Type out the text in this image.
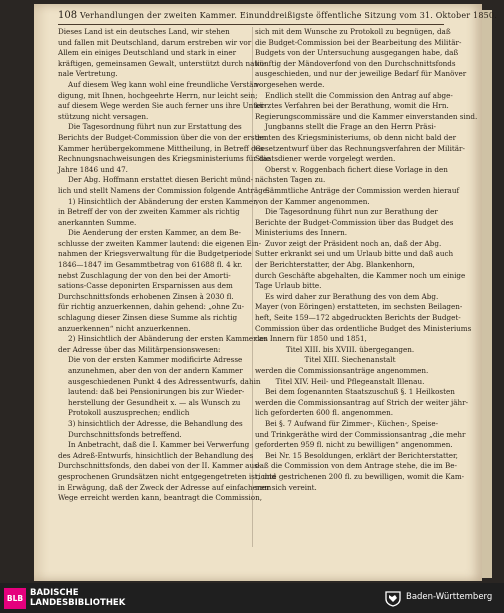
108 Verhandlungen der zweiten Kammer. Einunddreißigste öffentliche Sitzung vom 31. Oktober 1850.
Dieses Land ist ein deutsches Land, wir stehen
und fallen mit Deutschland, darum erstreben wir vor
Allem ein einiges Deutschland und stark in einer
kräftigen, gemeinsamen Gewalt, unterstützt durch natio-
nale Vertretung.
Auf diesem Weg kann wohl eine freundliche Verstän-
digung, mit Ihnen, hochgeehrte Herrn, nur leicht sein;
auf diesem Wege werden Sie auch ferner uns ihre Unter-
stützung nicht versagen.
Die Tagesordnung führt nun zur Erstattung des
Berichts der Budget-Commission über die von der ersten
Kammer herübergekommene Mittheilung, in Betreff des
Rechnungsnachweisungen des Kriegsministeriums für die
Jahre 1846 und 47.
Der Abg. Hoffmann erstattet diesen Bericht münd-
lich und stellt Namens der Commission folgende Anträge:
1) Hinsichtlich der Abänderung der ersten Kammer,
in Betreff der von der zweiten Kammer als richtig
anerkannten Summe.
Die Aenderung der ersten Kammer, an dem Be-
schlusse der zweiten Kammer lautend: die eigenen Ein-
nahmen der Kriegsverwaltung für die Budgetperiode
1846—1847 im Gesammtbetrag von 61688 fl. 4 kr.
nebst Zuschlagung der von den bei der Amorti-
sations-Casse deponirten Ersparnissen aus dem
Durchschnittsfonds erhobenen Zinsen à 2030 fl.
für richtig anzuerkennen, dahin gehend: „ohne Zu-
schlagung dieser Zinsen diese Summe als richtig
anzuerkennen“ nicht anzuerkennen.
2) Hinsichtlich der Abänderung der ersten Kammer an
der Adresse über das Militärpensionswesen:
Die von der ersten Kammer modificirte Adresse
anzunehmen, aber den von der andern Kammer
ausgeschiedenen Punkt 4 des Adressentwurfs, dahin
lautend: daß bei Pensionirungen bis zur Wieder-
herstellung der Gesundheit x. — als Wunsch zu
Protokoll auszusprechen; endlich
3) hinsichtlich der Adresse, die Behandlung des
Durchschnittsfonds betreffend.
In Anbetracht, daß die I. Kammer bei Verwerfung
des Adreß-Entwurfs, hinsichtlich der Behandlung des
Durchschnittsfonds, den dabei von der II. Kammer aus-
gesprochenen Grundsätzen nicht entgegengetreten ist, und
in Erwägung, daß der Zweck der Adresse auf einfacherem
Wege erreicht werden kann, beantragt die Commission,
sich mit dem Wunsche zu Protokoll zu begnügen, daß
die Budget-Commission bei der Bearbeitung des Militär-
Budgets von der Untersuchung ausgegangen habe, daß
künftig der Mändoverfond von den Durchschnittsfonds
ausgeschieden, und nur der jeweilige Bedarf für Manöver
vorgesehen werde.
Endlich stellt die Commission den Antrag auf abge-
kürztes Verfahren bei der Berathung, womit die Hrn.
Regierungscommissäre und die Kammer einverstanden sind.
Jungbanns stellt die Frage an den Herrn Präsi-
denten des Kriegsministeriums, ob denn nicht bald der
Gesetzentwurf über das Rechnungsverfahren der Militär-
Staatsdiener werde vorgelegt werden.
Oberst v. Roggenbach fichert diese Vorlage in den
nächsten Tagen zu.
Sämmtliche Anträge der Commission werden hierauf
von der Kammer angenommen.
Die Tagesordnung führt nun zur Berathung der
Berichte der Budget-Commission über das Budget des
Ministeriums des Innern.
Zuvor zeigt der Präsident noch an, daß der Abg.
Sutter erkrankt sei und um Urlaub bitte und daß auch
der Berichterstatter, der Abg. Blankenhorn,
durch Geschäfte abgehalten, die Kammer noch um einige
Tage Urlaub bitte.
Es wird daher zur Berathung des von dem Abg.
Mayer (von Eöringen) erstatteten, im sechsten Beilagen-
heft, Seite 159—172 abgedruckten Berichts der Budget-
Commission über das ordentliche Budget des Ministeriums
des Innern für 1850 und 1851,
Titel XIII. bis XVIII. übergegangen.
Titel XIII. Siechenanstalt
werden die Commissionsanträge angenommen.
Titel XIV. Heil- und Pflegeanstalt Illenau.
Bei dem ſogenannten Staatszuschuß §. 1 Heilkosten
werden die Commissionsantrag auf Strich der weiter jähr-
lich geforderten 600 fl. angenommen.
Bei §. 7 Aufwand für Zimmer-, Küchen-, Speise-
und Trinkgeräthe wird der Commissionsantrag „die mehr
geforderten 959 fl. nicht zu bewilligen“ angenommen.
Bei Nr. 15 Besoldungen, erklärt der Berichterstatter,
daß die Commission von dem Antrage stehe, die im Be-
richte gestrichenen 200 fl. zu bewilligen, womit die Kam-
mer sich vereint.
BLB
BADISCHE
LANDESBIBLIOTHEK
Baden-Württemberg
